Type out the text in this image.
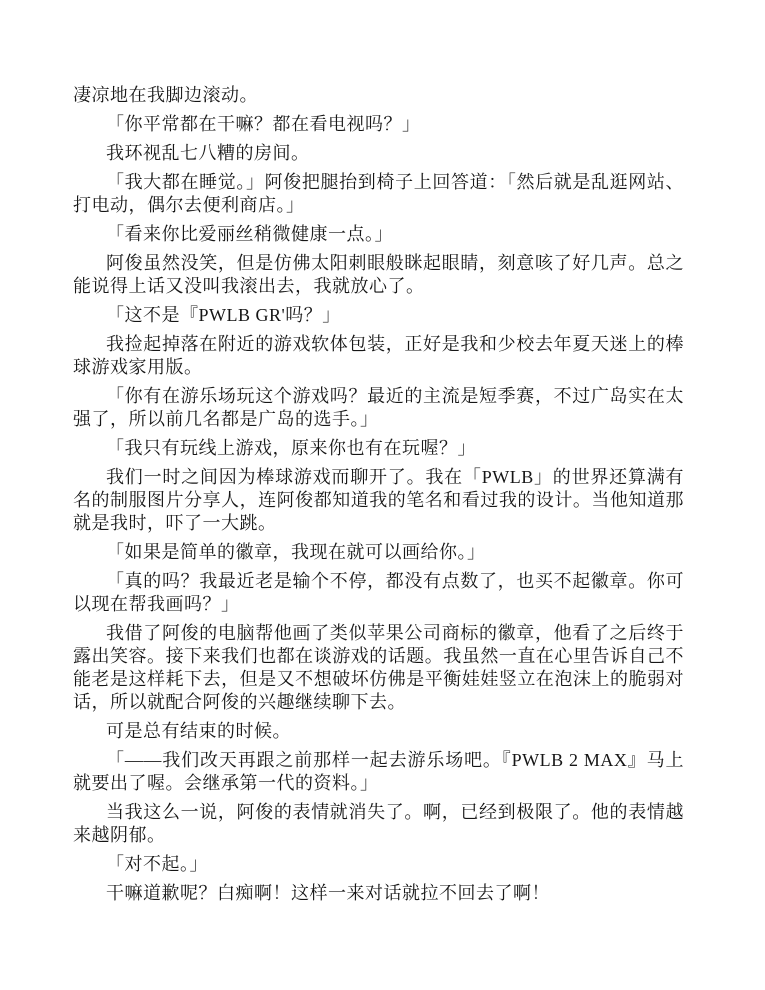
凄凉地在我脚边滚动。

「你平常都在干嘛？都在看电视吗？」

我环视乱七八糟的房间。

「我大都在睡觉。」阿俊把腿抬到椅子上回答道：「然后就是乱逛网站、打电动，偶尔去便利商店。」

「看来你比爱丽丝稍微健康一点。」

阿俊虽然没笑，但是仿佛太阳刺眼般眯起眼睛，刻意咳了好几声。总之能说得上话又没叫我滚出去，我就放心了。

「这不是『PWLB GR'吗？」

我捡起掉落在附近的游戏软体包装，正好是我和少校去年夏天迷上的棒球游戏家用版。

「你有在游乐场玩这个游戏吗？最近的主流是短季赛，不过广岛实在太强了，所以前几名都是广岛的选手。」

「我只有玩线上游戏，原来你也有在玩喔？」

我们一时之间因为棒球游戏而聊开了。我在「PWLB」的世界还算满有名的制服图片分享人，连阿俊都知道我的笔名和看过我的设计。当他知道那就是我时，吓了一大跳。

「如果是简单的徽章，我现在就可以画给你。」

「真的吗？我最近老是输个不停，都没有点数了，也买不起徽章。你可以现在帮我画吗？」

我借了阿俊的电脑帮他画了类似苹果公司商标的徽章，他看了之后终于露出笑容。接下来我们也都在谈游戏的话题。我虽然一直在心里告诉自己不能老是这样耗下去，但是又不想破坏仿佛是平衡娃娃竖立在泡沫上的脆弱对话，所以就配合阿俊的兴趣继续聊下去。

可是总有结束的时候。

「——我们改天再跟之前那样一起去游乐场吧。『PWLB 2 MAX』马上就要出了喔。会继承第一代的资料。」

当我这么一说，阿俊的表情就消失了。啊，已经到极限了。他的表情越来越阴郁。

「对不起。」

干嘛道歉呢？白痴啊！这样一来对话就拉不回去了啊！
